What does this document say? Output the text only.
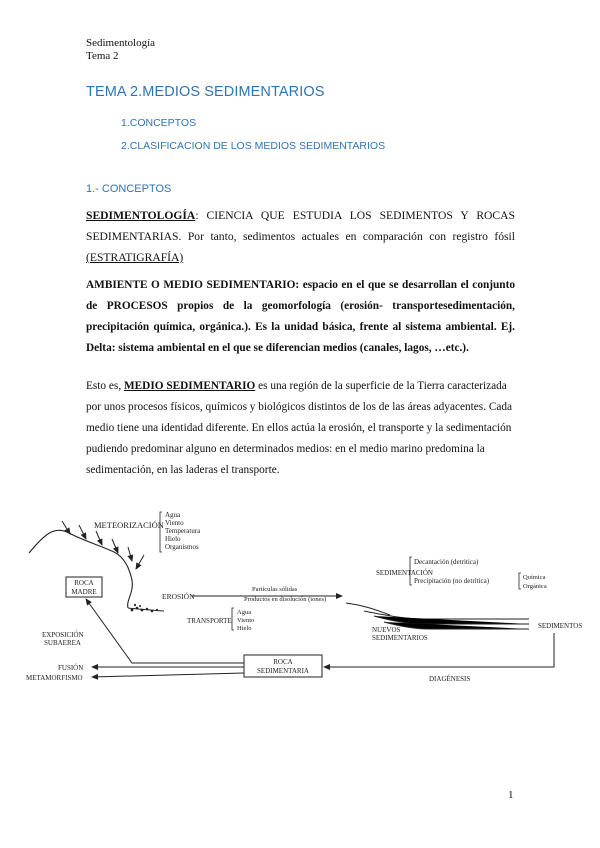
Sedimentología
Tema 2
TEMA 2.MEDIOS SEDIMENTARIOS
1.CONCEPTOS
2.CLASIFICACION DE LOS MEDIOS SEDIMENTARIOS
1.- CONCEPTOS
SEDIMENTOLOGÍA: CIENCIA QUE ESTUDIA LOS SEDIMENTOS Y ROCAS SEDIMENTARIAS. Por tanto, sedimentos actuales en comparación con registro fósil (ESTRATIGRAFÍA)
AMBIENTE O MEDIO SEDIMENTARIO: espacio en el que se desarrollan el conjunto de PROCESOS propios de la geomorfología (erosión- transportesedimentación, precipitación química, orgánica.). Es la unidad básica, frente al sistema ambiental. Ej. Delta: sistema ambiental en el que se diferencian medios (canales, lagos, …etc.).
Esto es, MEDIO SEDIMENTARIO es una región de la superficie de la Tierra caracterizada por unos procesos físicos, químicos y biológicos distintos de los de las áreas adyacentes. Cada medio tiene una identidad diferente. En ellos actúa la erosión, el transporte y la sedimentación pudiendo predominar alguno en determinados medios: en el medio marino predomina la sedimentación, en las laderas el transporte.
METEORIZACIÓN
Agua
Viento
Temperatura
Hielo
Organismos
ROCA
MADRE	EROSIÓN
Partículas sólidas
Productos en disolución (iones)
TRANSPORTE
Agua
Viento
Hielo
SEDIMENTACIÓN
Decantación (detritica)
Precipitación (no detrítica)	Química
Orgánica
SEDIMENTOS
NUEVOS
SEDIMENTARIOS
DIAGÉNESIS
ROCA
SEDIMENTARIA
EXPOSICIÓN
SUBAEREA
FUSIÓN
METAMORFISMO
1
